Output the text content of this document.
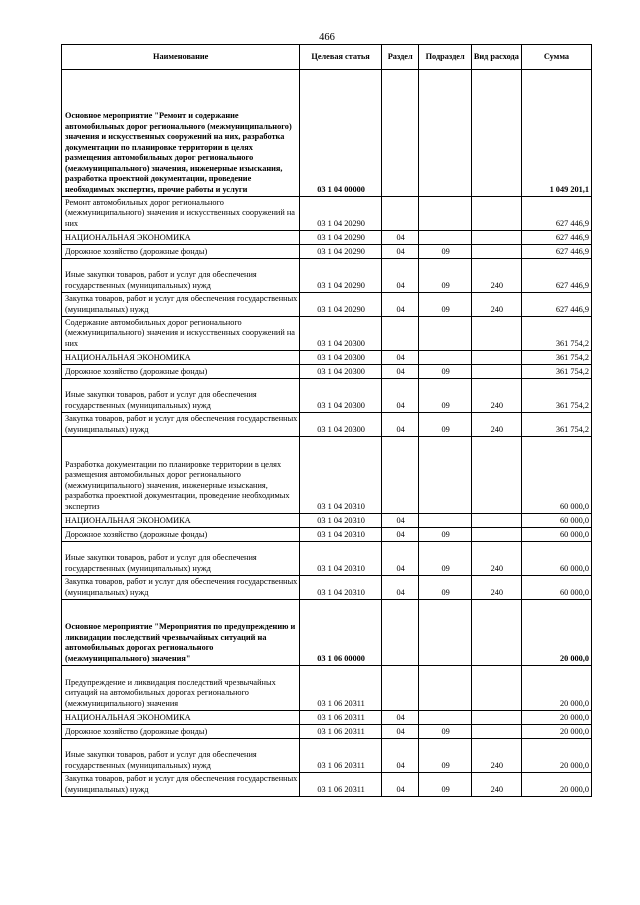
466
Наименование	Целевая статья	Раздел	Подраздел	Вид расхода	Сумма
Основное мероприятие "Ремонт и содержание автомобильных дорог регионального (межмуниципального) значения и искусственных сооружений на них, разработка документации по планировке территории в целях размещения автомобильных дорог регионального (межмуниципального) значения, инженерные изыскания, разработка проектной документации, проведение необходимых экспертиз, прочие работы и услуги	03 1 04 00000				1 049 201,1
Ремонт автомобильных дорог регионального (межмуниципального) значения и искусственных сооружений на них	03 1 04 20290				627 446,9
НАЦИОНАЛЬНАЯ ЭКОНОМИКА	03 1 04 20290	04			627 446,9
Дорожное хозяйство (дорожные фонды)	03 1 04 20290	04	09		627 446,9
Иные закупки товаров, работ и услуг для обеспечения государственных (муниципальных) нужд	03 1 04 20290	04	09	240	627 446,9
Закупка товаров, работ и услуг для обеспечения государственных (муниципальных) нужд	03 1 04 20290	04	09	240	627 446,9
Содержание автомобильных дорог регионального (межмуниципального) значения и искусственных сооружений на них	03 1 04 20300				361 754,2
НАЦИОНАЛЬНАЯ ЭКОНОМИКА	03 1 04 20300	04			361 754,2
Дорожное хозяйство (дорожные фонды)	03 1 04 20300	04	09		361 754,2
Иные закупки товаров, работ и услуг для обеспечения государственных (муниципальных) нужд	03 1 04 20300	04	09	240	361 754,2
Закупка товаров, работ и услуг для обеспечения государственных (муниципальных) нужд	03 1 04 20300	04	09	240	361 754,2
Разработка документации по планировке территории в целях размещения автомобильных дорог регионального (межмуниципального) значения, инженерные изыскания, разработка проектной документации, проведение необходимых экспертиз	03 1 04 20310				60 000,0
НАЦИОНАЛЬНАЯ ЭКОНОМИКА	03 1 04 20310	04			60 000,0
Дорожное хозяйство (дорожные фонды)	03 1 04 20310	04	09		60 000,0
Иные закупки товаров, работ и услуг для обеспечения государственных (муниципальных) нужд	03 1 04 20310	04	09	240	60 000,0
Закупка товаров, работ и услуг для обеспечения государственных (муниципальных) нужд	03 1 04 20310	04	09	240	60 000,0
Основное мероприятие "Мероприятия по предупреждению и ликвидации последствий чрезвычайных ситуаций на автомобильных дорогах регионального (межмуниципального) значения"	03 1 06 00000				20 000,0
Предупреждение и ликвидация последствий чрезвычайных ситуаций на автомобильных дорогах регионального (межмуниципального) значения	03 1 06 20311				20 000,0
НАЦИОНАЛЬНАЯ ЭКОНОМИКА	03 1 06 20311	04			20 000,0
Дорожное хозяйство (дорожные фонды)	03 1 06 20311	04	09		20 000,0
Иные закупки товаров, работ и услуг для обеспечения государственных (муниципальных) нужд	03 1 06 20311	04	09	240	20 000,0
Закупка товаров, работ и услуг для обеспечения государственных (муниципальных) нужд	03 1 06 20311	04	09	240	20 000,0
